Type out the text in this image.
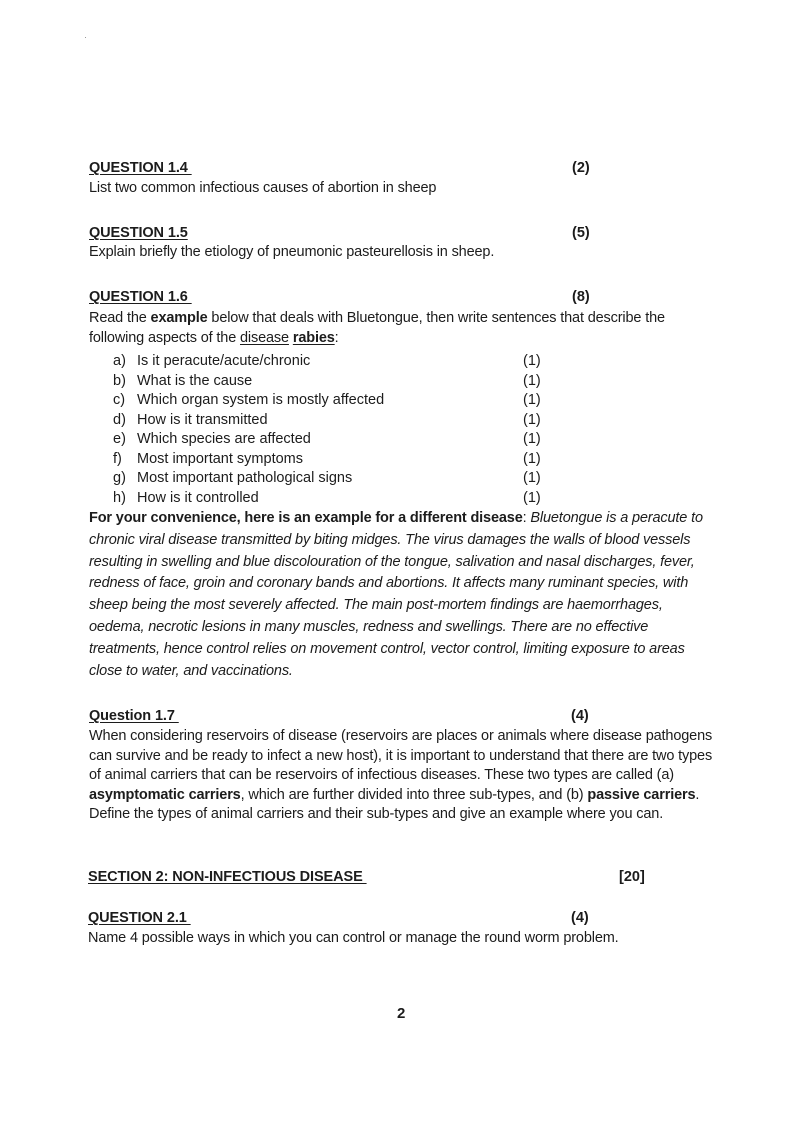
QUESTION 1.4	(2)
List two common infectious causes of abortion in sheep
QUESTION 1.5	(5)
Explain briefly the etiology of pneumonic pasteurellosis in sheep.
QUESTION 1.6	(8)
Read the example below that deals with Bluetongue, then write sentences that describe the following aspects of the disease rabies:
a) Is it peracute/acute/chronic	(1)
b) What is the cause	(1)
c) Which organ system is mostly affected	(1)
d) How is it transmitted	(1)
e) Which species are affected	(1)
f) Most important symptoms	(1)
g) Most important pathological signs	(1)
h) How is it controlled	(1)
For your convenience, here is an example for a different disease: Bluetongue is a peracute to chronic viral disease transmitted by biting midges. The virus damages the walls of blood vessels resulting in swelling and blue discolouration of the tongue, salivation and nasal discharges, fever, redness of face, groin and coronary bands and abortions. It affects many ruminant species, with sheep being the most severely affected. The main post-mortem findings are haemorrhages, oedema, necrotic lesions in many muscles, redness and swellings. There are no effective treatments, hence control relies on movement control, vector control, limiting exposure to areas close to water, and vaccinations.
Question 1.7	(4)
When considering reservoirs of disease (reservoirs are places or animals where disease pathogens can survive and be ready to infect a new host), it is important to understand that there are two types of animal carriers that can be reservoirs of infectious diseases. These two types are called (a) asymptomatic carriers, which are further divided into three sub-types, and (b) passive carriers. Define the types of animal carriers and their sub-types and give an example where you can.
SECTION 2: NON-INFECTIOUS DISEASE	[20]
QUESTION 2.1	(4)
Name 4 possible ways in which you can control or manage the round worm problem.
2
